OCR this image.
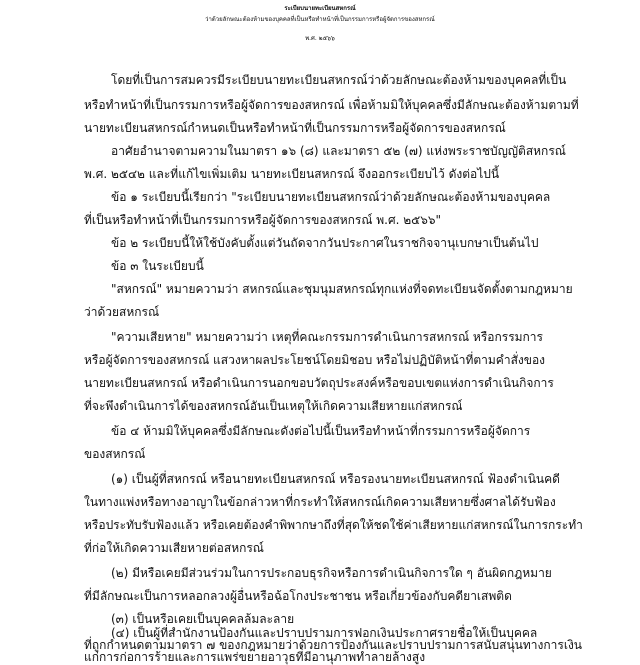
ระเบียบนายทะเบียนสหกรณ์
ว่าด้วยลักษณะต้องห้ามของบุคคลที่เป็นหรือทำหน้าที่เป็นกรรมการหรือผู้จัดการของสหกรณ์
พ.ศ. ๒๕๖๖
โดยที่เป็นการสมควรมีระเบียบนายทะเบียนสหกรณ์ว่าด้วยลักษณะต้องห้ามของบุคคลที่เป็น
หรือทำหน้าที่เป็นกรรมการหรือผู้จัดการของสหกรณ์ เพื่อห้ามมิให้บุคคลซึ่งมีลักษณะต้องห้ามตามที่
นายทะเบียนสหกรณ์กำหนดเป็นหรือทำหน้าที่เป็นกรรมการหรือผู้จัดการของสหกรณ์
อาศัยอำนาจตามความในมาตรา ๑๖ (๘) และมาตรา ๕๒ (๗) แห่งพระราชบัญญัติสหกรณ์
พ.ศ. ๒๕๔๒ และที่แก้ไขเพิ่มเติม นายทะเบียนสหกรณ์ จึงออกระเบียบไว้ ดังต่อไปนี้
ข้อ ๑ ระเบียบนี้เรียกว่า "ระเบียบนายทะเบียนสหกรณ์ว่าด้วยลักษณะต้องห้ามของบุคคล
ที่เป็นหรือทำหน้าที่เป็นกรรมการหรือผู้จัดการของสหกรณ์ พ.ศ. ๒๕๖๖"
ข้อ ๒ ระเบียบนี้ให้ใช้บังคับตั้งแต่วันถัดจากวันประกาศในราชกิจจานุเบกษาเป็นต้นไป
ข้อ ๓ ในระเบียบนี้
"สหกรณ์" หมายความว่า สหกรณ์และชุมนุมสหกรณ์ทุกแห่งที่จดทะเบียนจัดตั้งตามกฎหมาย
ว่าด้วยสหกรณ์
"ความเสียหาย" หมายความว่า เหตุที่คณะกรรมการดำเนินการสหกรณ์ หรือกรรมการ
หรือผู้จัดการของสหกรณ์ แสวงหาผลประโยชน์โดยมิชอบ หรือไม่ปฏิบัติหน้าที่ตามคำสั่งของ
นายทะเบียนสหกรณ์ หรือดำเนินการนอกขอบวัตถุประสงค์หรือขอบเขตแห่งการดำเนินกิจการ
ที่จะพึงดำเนินการได้ของสหกรณ์อันเป็นเหตุให้เกิดความเสียหายแก่สหกรณ์
ข้อ ๔ ห้ามมิให้บุคคลซึ่งมีลักษณะดังต่อไปนี้เป็นหรือทำหน้าที่กรรมการหรือผู้จัดการ
ของสหกรณ์
(๑) เป็นผู้ที่สหกรณ์ หรือนายทะเบียนสหกรณ์ หรือรองนายทะเบียนสหกรณ์ ฟ้องดำเนินคดี
ในทางแพ่งหรือทางอาญาในข้อกล่าวหาที่กระทำให้สหกรณ์เกิดความเสียหายซึ่งศาลได้รับฟ้อง
หรือประทับรับฟ้องแล้ว หรือเคยต้องคำพิพากษาถึงที่สุดให้ชดใช้ค่าเสียหายแก่สหกรณ์ในการกระทำ
ที่ก่อให้เกิดความเสียหายต่อสหกรณ์
(๒) มีหรือเคยมีส่วนร่วมในการประกอบธุรกิจหรือการดำเนินกิจการใด ๆ อันผิดกฎหมาย
ที่มีลักษณะเป็นการหลอกลวงผู้อื่นหรือฉ้อโกงประชาชน หรือเกี่ยวข้องกับคดียาเสพติด
(๓) เป็นหรือเคยเป็นบุคคลล้มละลาย
(๔) เป็นผู้ที่สำนักงานป้องกันและปราบปรามการฟอกเงินประกาศรายชื่อให้เป็นบุคคล
ที่ถูกกำหนดตามมาตรา ๗ ของกฎหมายว่าด้วยการป้องกันและปราบปรามการสนับสนุนทางการเงิน
แก่การก่อการร้ายและการแพร่ขยายอาวุธที่มีอานุภาพทำลายล้างสูง
